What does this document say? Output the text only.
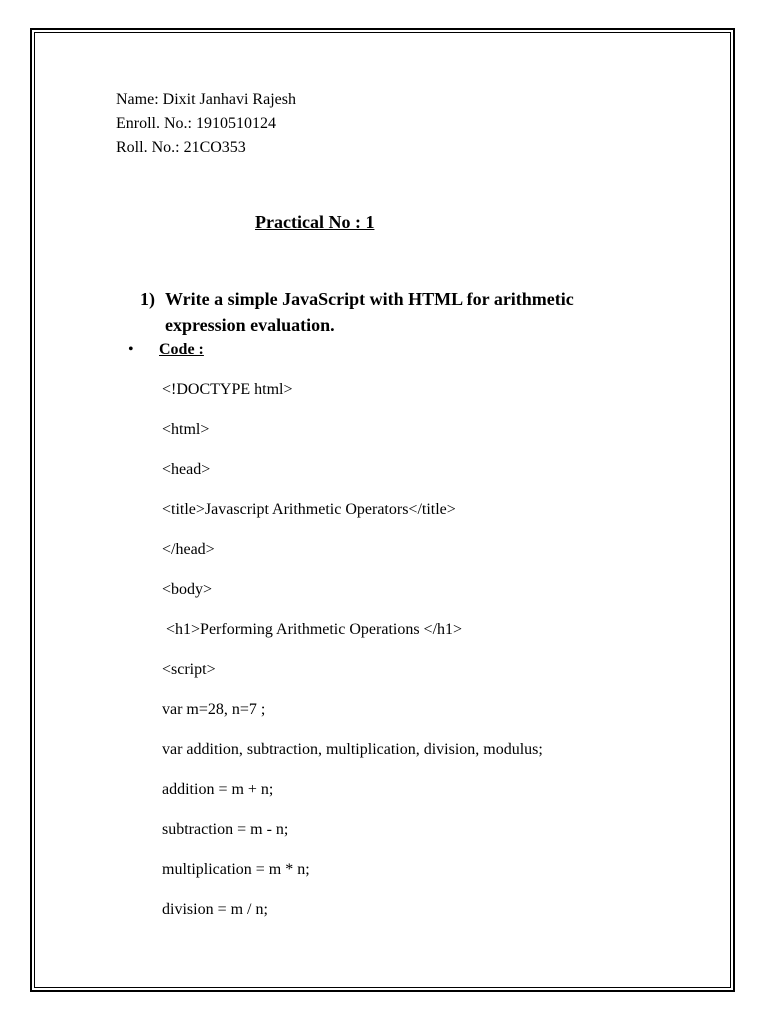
Name: Dixit Janhavi Rajesh
Enroll. No.: 1910510124
Roll. No.: 21CO353
Practical No : 1
1) Write a simple JavaScript with HTML for arithmetic
expression evaluation.
• Code :
<!DOCTYPE html>
<html>
<head>
<title>Javascript Arithmetic Operators</title>
</head>
<body>
<h1>Performing Arithmetic Operations </h1>
<script>
var m=28, n=7 ;
var addition, subtraction, multiplication, division, modulus;
addition = m + n;
subtraction = m - n;
multiplication = m * n;
division = m / n;
